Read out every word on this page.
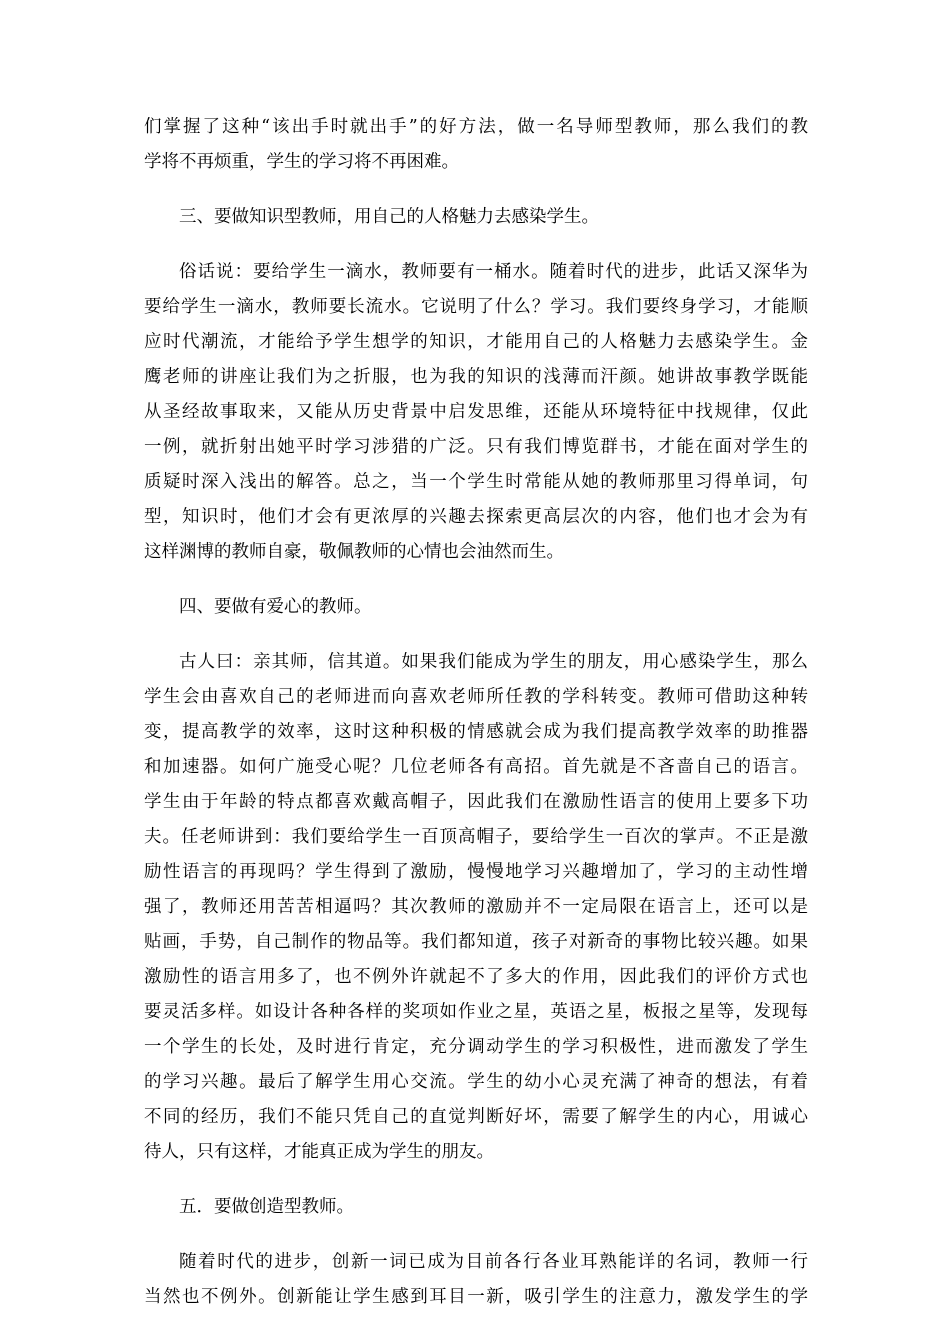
们掌握了这种“该出手时就出手”的好方法，做一名导师型教师，那么我们的教
学将不再烦重，学生的学习将不再困难。
三、要做知识型教师，用自己的人格魅力去感染学生。
俗话说：要给学生一滴水，教师要有一桶水。随着时代的进步，此话又深华为
要给学生一滴水，教师要长流水。它说明了什么？学习。我们要终身学习，才能顺
应时代潮流，才能给予学生想学的知识，才能用自己的人格魅力去感染学生。金
鹰老师的讲座让我们为之折服，也为我的知识的浅薄而汗颜。她讲故事教学既能
从圣经故事取来，又能从历史背景中启发思维，还能从环境特征中找规律，仅此
一例，就折射出她平时学习涉猎的广泛。只有我们博览群书，才能在面对学生的
质疑时深入浅出的解答。总之，当一个学生时常能从她的教师那里习得单词，句
型，知识时，他们才会有更浓厚的兴趣去探索更高层次的内容，他们也才会为有
这样渊博的教师自豪，敬佩教师的心情也会油然而生。
四、要做有爱心的教师。
古人曰：亲其师，信其道。如果我们能成为学生的朋友，用心感染学生，那么
学生会由喜欢自己的老师进而向喜欢老师所任教的学科转变。教师可借助这种转
变，提高教学的效率，这时这种积极的情感就会成为我们提高教学效率的助推器
和加速器。如何广施受心呢？几位老师各有高招。首先就是不吝啬自己的语言。
学生由于年龄的特点都喜欢戴高帽子，因此我们在激励性语言的使用上要多下功
夫。任老师讲到：我们要给学生一百顶高帽子，要给学生一百次的掌声。不正是激
励性语言的再现吗？学生得到了激励，慢慢地学习兴趣增加了，学习的主动性增
强了，教师还用苦苦相逼吗？其次教师的激励并不一定局限在语言上，还可以是
贴画，手势，自己制作的物品等。我们都知道，孩子对新奇的事物比较兴趣。如果
激励性的语言用多了，也不例外许就起不了多大的作用，因此我们的评价方式也
要灵活多样。如设计各种各样的奖项如作业之星，英语之星，板报之星等，发现每
一个学生的长处，及时进行肯定，充分调动学生的学习积极性，进而激发了学生
的学习兴趣。最后了解学生用心交流。学生的幼小心灵充满了神奇的想法，有着
不同的经历，我们不能只凭自己的直觉判断好坏，需要了解学生的内心，用诚心
待人，只有这样，才能真正成为学生的朋友。
五．要做创造型教师。
随着时代的进步，创新一词已成为目前各行各业耳熟能详的名词，教师一行
当然也不例外。创新能让学生感到耳目一新，吸引学生的注意力，激发学生的学
